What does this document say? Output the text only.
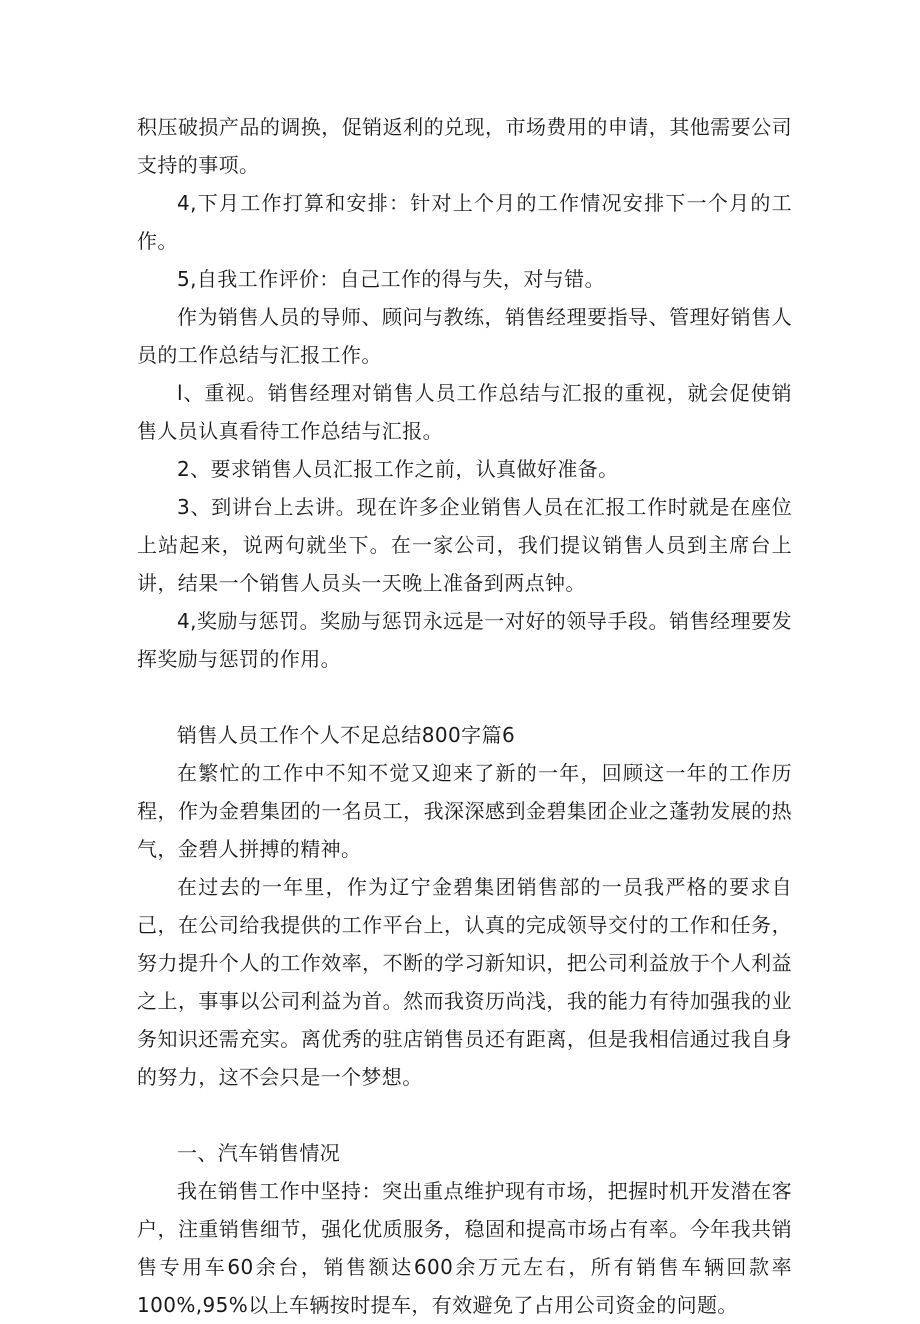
积压破损产品的调换，促销返利的兑现，市场费用的申请，其他需要公司支持的事项。

4,下月工作打算和安排：针对上个月的工作情况安排下一个月的工作。

5,自我工作评价：自己工作的得与失，对与错。

作为销售人员的导师、顾问与教练，销售经理要指导、管理好销售人员的工作总结与汇报工作。

l、重视。销售经理对销售人员工作总结与汇报的重视，就会促使销售人员认真看待工作总结与汇报。

2、要求销售人员汇报工作之前，认真做好准备。

3、到讲台上去讲。现在许多企业销售人员在汇报工作时就是在座位上站起来，说两句就坐下。在一家公司，我们提议销售人员到主席台上讲，结果一个销售人员头一天晚上准备到两点钟。

4,奖励与惩罚。奖励与惩罚永远是一对好的领导手段。销售经理要发挥奖励与惩罚的作用。

销售人员工作个人不足总结800字篇6

在繁忙的工作中不知不觉又迎来了新的一年，回顾这一年的工作历程，作为金碧集团的一名员工，我深深感到金碧集团企业之蓬勃发展的热气，金碧人拼搏的精神。

在过去的一年里，作为辽宁金碧集团销售部的一员我严格的要求自己，在公司给我提供的工作平台上，认真的完成领导交付的工作和任务，努力提升个人的工作效率，不断的学习新知识，把公司利益放于个人利益之上，事事以公司利益为首。然而我资历尚浅，我的能力有待加强我的业务知识还需充实。离优秀的驻店销售员还有距离，但是我相信通过我自身的努力，这不会只是一个梦想。

一、汽车销售情况

我在销售工作中坚持：突出重点维护现有市场，把握时机开发潜在客户，注重销售细节，强化优质服务，稳固和提高市场占有率。今年我共销售专用车60余台，销售额达600余万元左右，所有销售车辆回款率100%,95%以上车辆按时提车，有效避免了占用公司资金的问题。
